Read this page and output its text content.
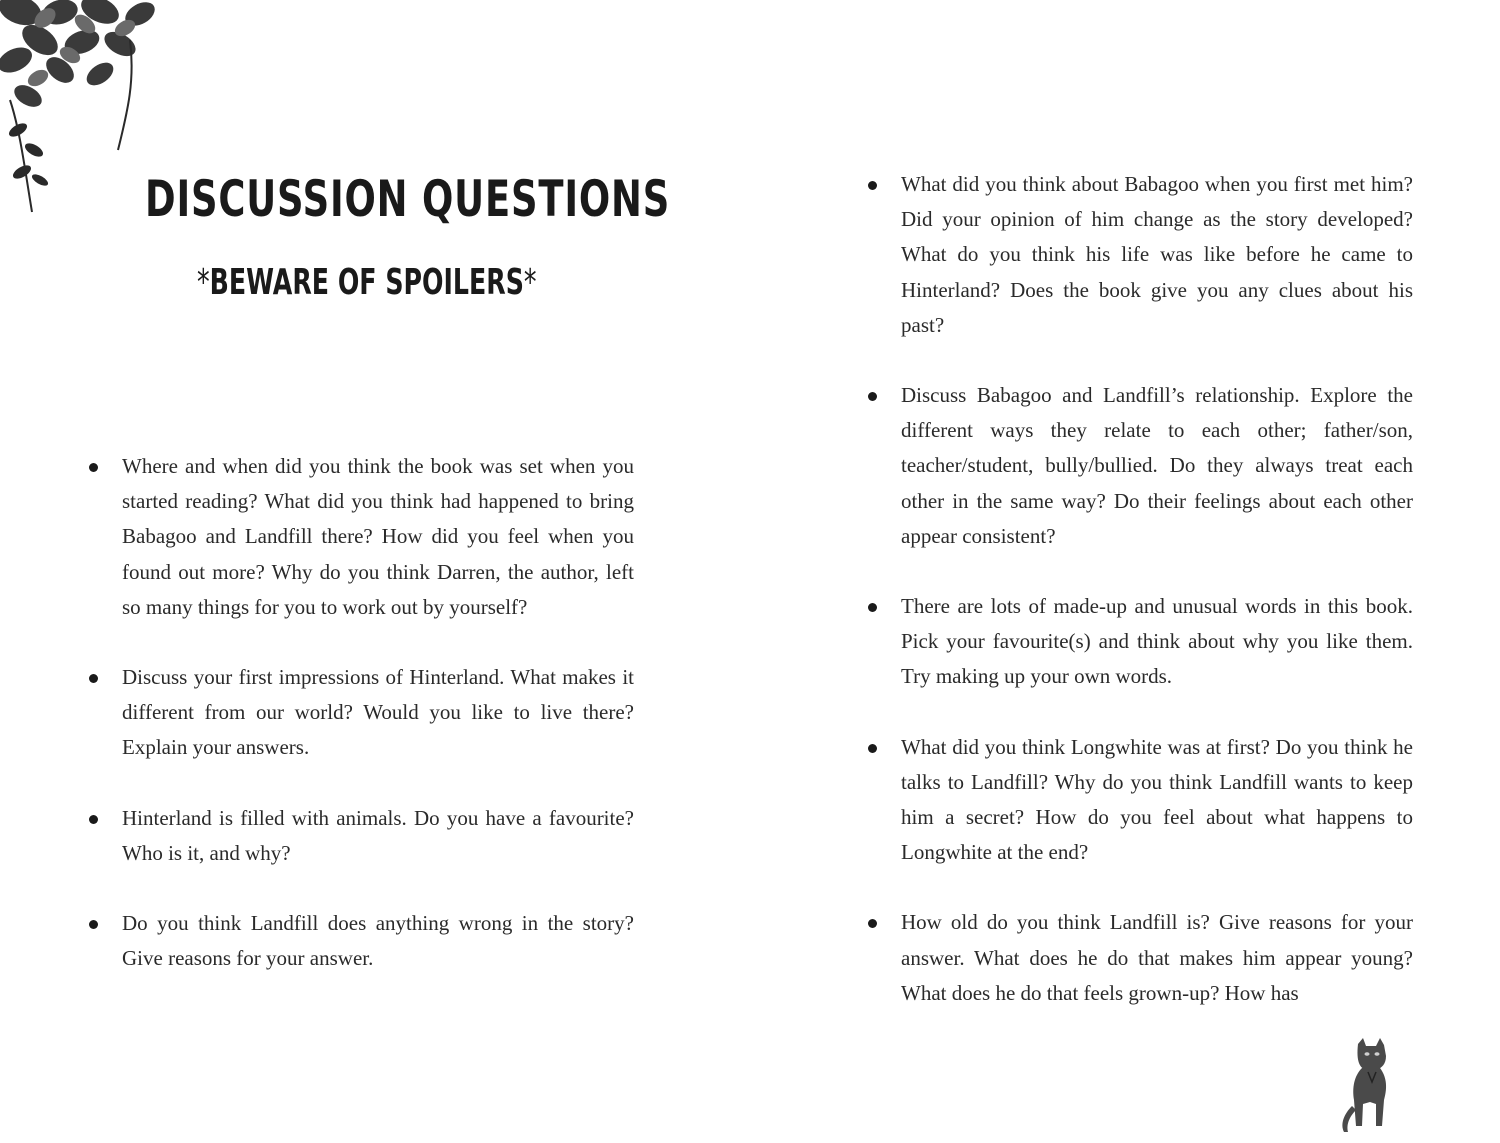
DISCUSSION QUESTIONS
*BEWARE OF SPOILERS*
Where and when did you think the book was set when you started reading? What did you think had happened to bring Babagoo and Landfill there? How did you feel when you found out more? Why do you think Darren, the author, left so many things for you to work out by yourself?
Discuss your first impressions of Hinterland. What makes it different from our world? Would you like to live there? Explain your answers.
Hinterland is filled with animals. Do you have a favourite? Who is it, and why?
Do you think Landfill does anything wrong in the story? Give reasons for your answer.
What did you think about Babagoo when you first met him? Did your opinion of him change as the story developed? What do you think his life was like before he came to Hinterland? Does the book give you any clues about his past?
Discuss Babagoo and Landfill’s relationship. Explore the different ways they relate to each other; father/son, teacher/student, bully/bullied. Do they always treat each other in the same way? Do their feelings about each other appear consistent?
There are lots of made-up and unusual words in this book. Pick your favourite(s) and think about why you like them. Try making up your own words.
What did you think Longwhite was at first? Do you think he talks to Landfill? Why do you think Landfill wants to keep him a secret? How do you feel about what happens to Longwhite at the end?
How old do you think Landfill is? Give reasons for your answer. What does he do that makes him appear young? What does he do that feels grown-up? How has
